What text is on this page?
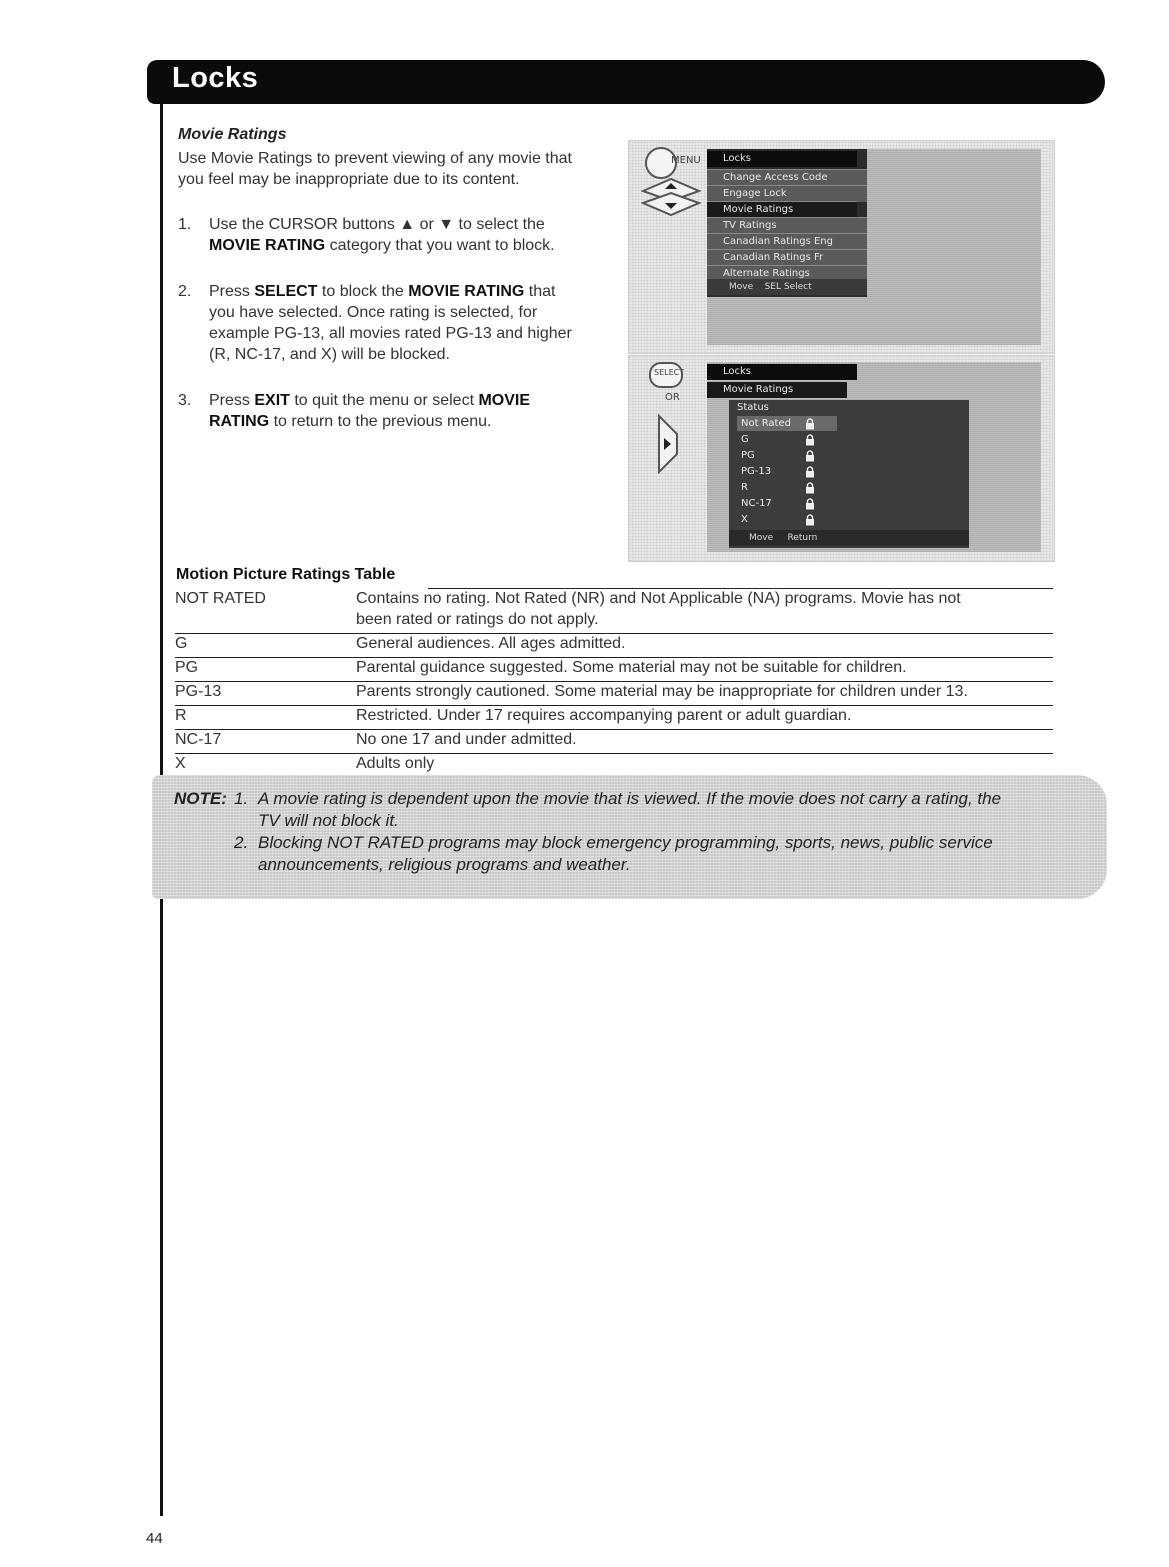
Locks
Movie Ratings
Use Movie Ratings to prevent viewing of any movie that
you feel may be inappropriate due to its content.
1. Use the CURSOR buttons ▲ or ▼ to select the
MOVIE RATING category that you want to block.
2. Press SELECT to block the MOVIE RATING that
you have selected. Once rating is selected, for
example PG-13, all movies rated PG-13 and higher
(R, NC-17, and X) will be blocked.
3. Press EXIT to quit the menu or select MOVIE
RATING to return to the previous menu.
MENU	Locks
Change Access Code
Engage Lock
Movie Ratings
TV Ratings
Canadian Ratings Eng
Canadian Ratings Fr
Alternate Ratings
Move SEL Select
SELECT
OR
Locks
Movie Ratings
Status
Not Rated
G
PG
PG-13
R
NC-17
X
Move Return
Motion Picture Ratings Table
NOT RATED	Contains no rating. Not Rated (NR) and Not Applicable (NA) programs. Movie has not
been rated or ratings do not apply.
G	General audiences. All ages admitted.
PG	Parental guidance suggested. Some material may not be suitable for children.
PG-13	Parents strongly cautioned. Some material may be inappropriate for children under 13.
R	Restricted. Under 17 requires accompanying parent or adult guardian.
NC-17	No one 17 and under admitted.
X	Adults only
NOTE: 1. A movie rating is dependent upon the movie that is viewed. If the movie does not carry a rating, the
TV will not block it.
2. Blocking NOT RATED programs may block emergency programming, sports, news, public service
announcements, religious programs and weather.
44
